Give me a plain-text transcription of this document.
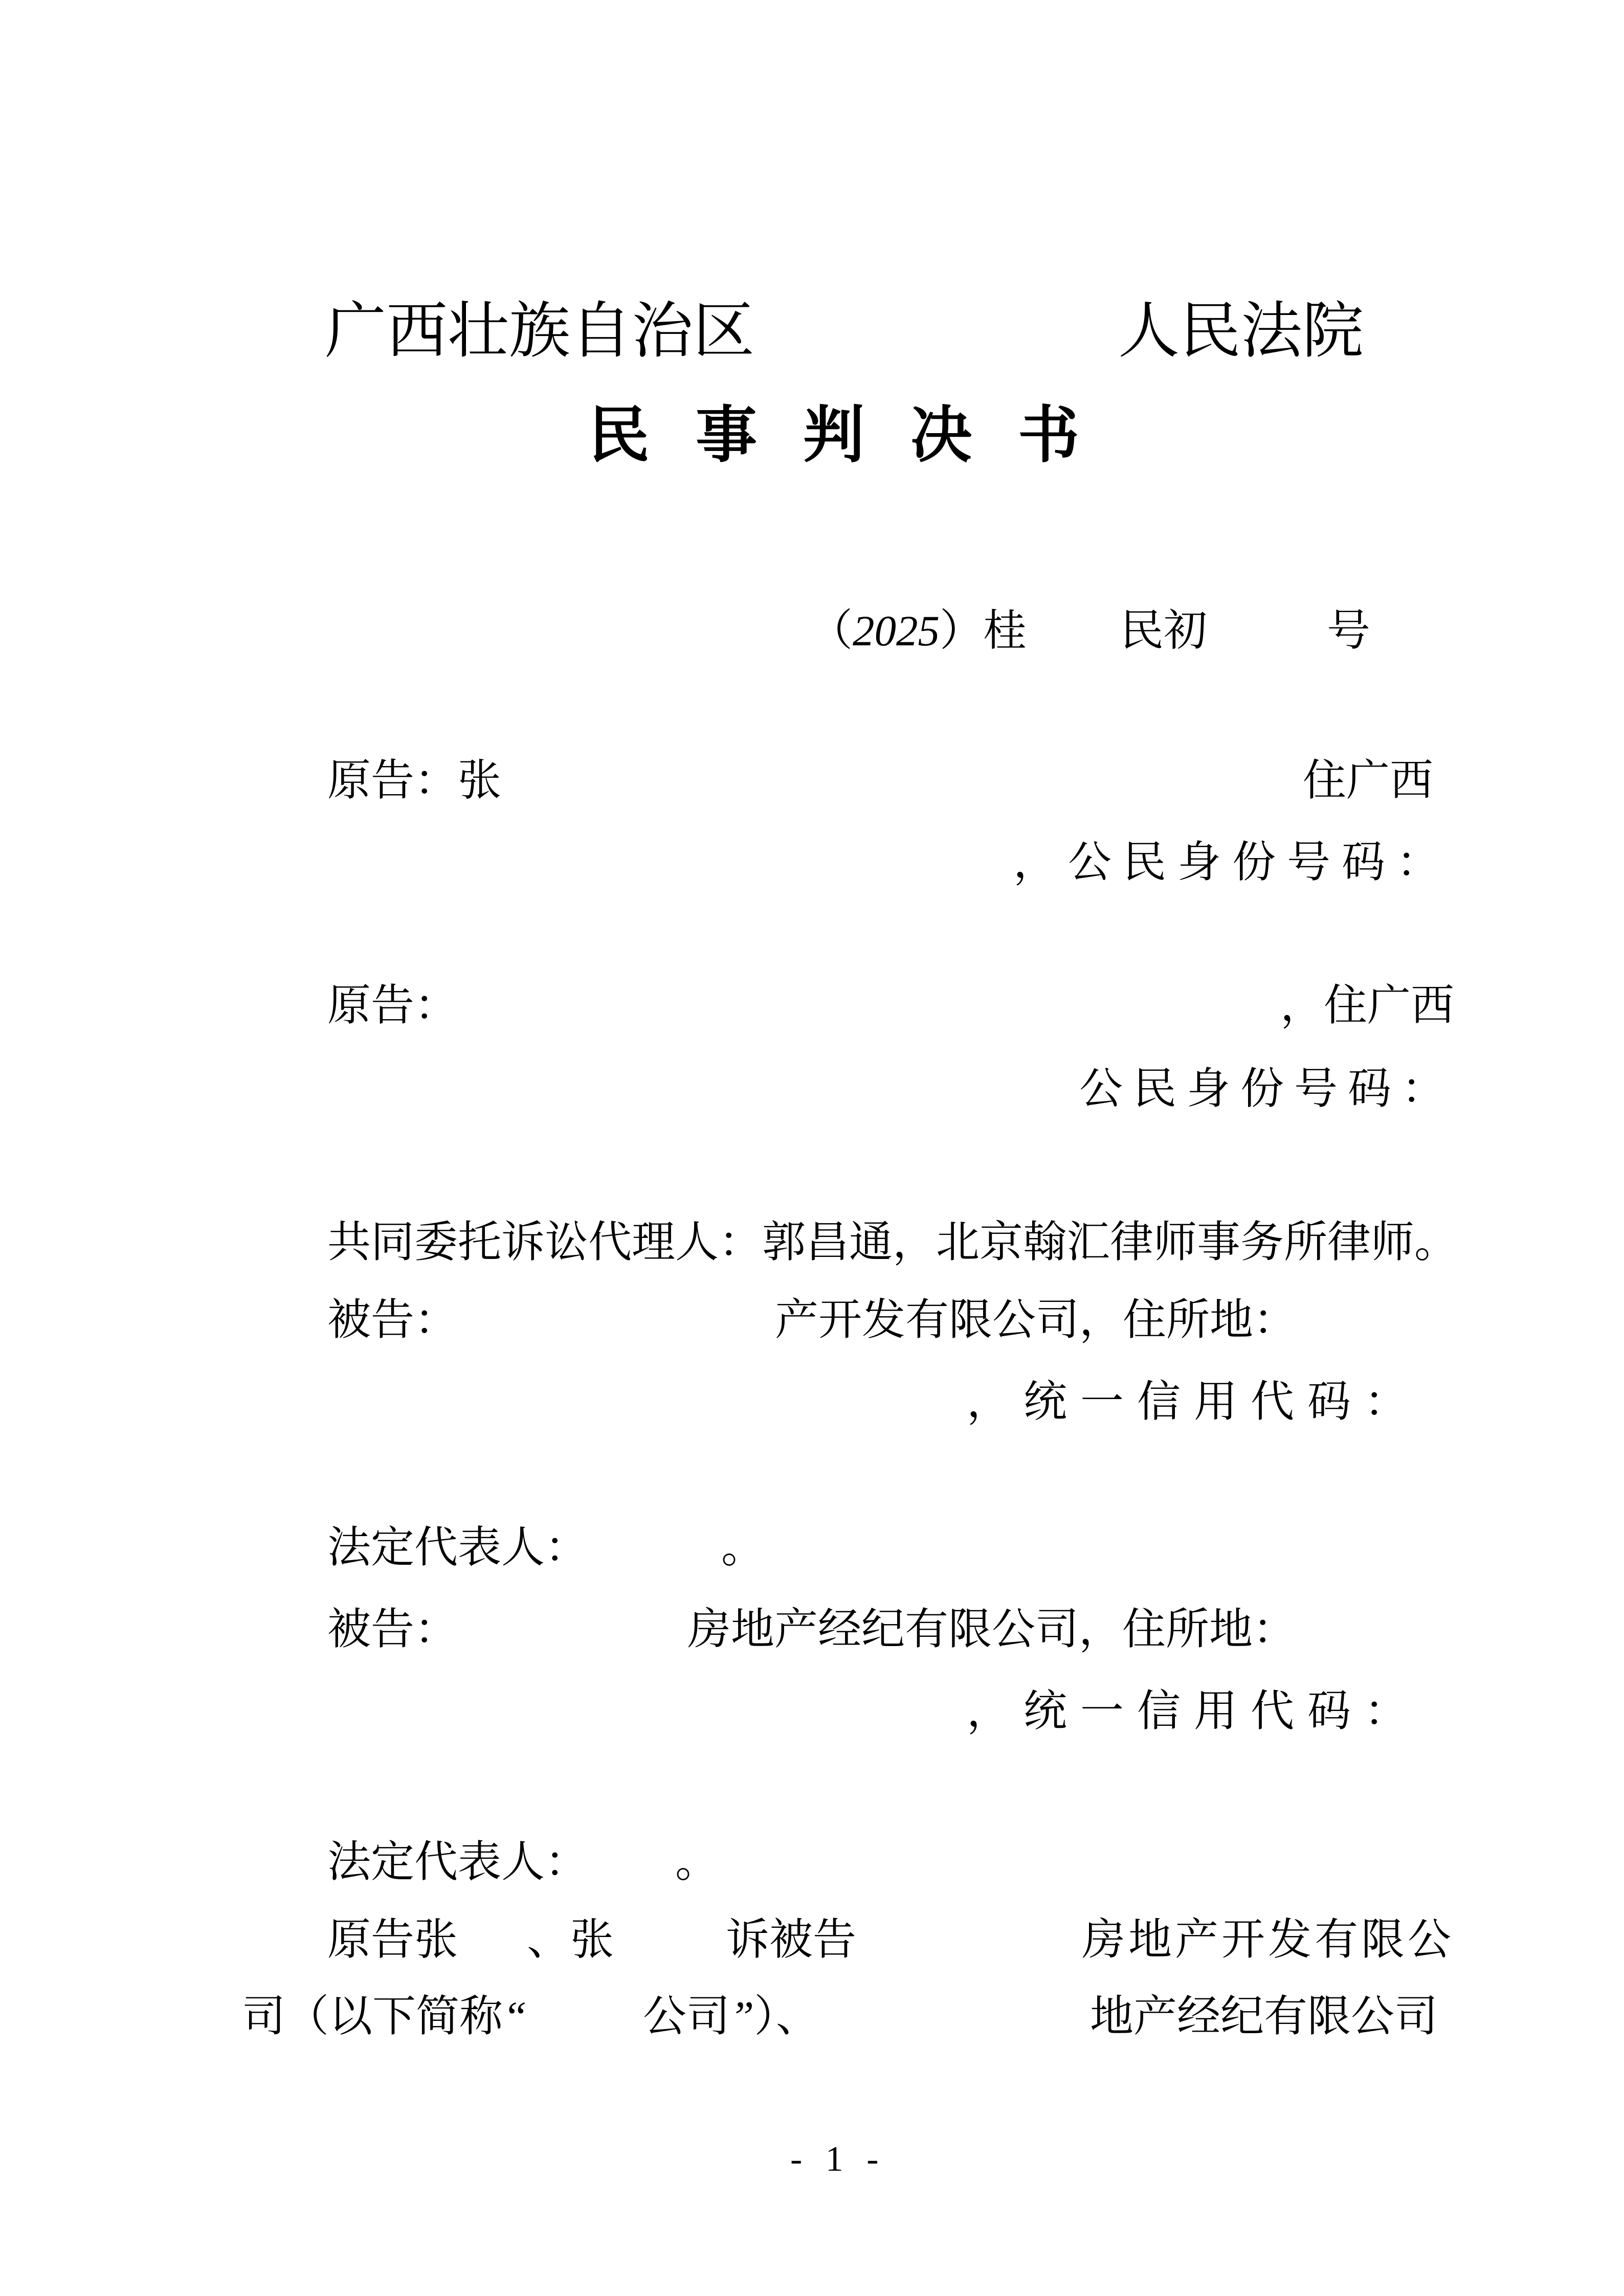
广西壮族自治区	人民法院
民事判决书
（2025）桂 民初	号
原告：张	住广西
，公民身份号码：
原告：	，住广西
公民身份号码：
共同委托诉讼代理人：郭昌通，北京翰汇律师事务所律师。
被告：	产开发有限公司，住所地：
，统一信用代码：
法定代表人：	。
被告：	房地产经纪有限公司，住所地：
，统一信用代码：
法定代表人： 。
原告张 、张	诉被告	房地产开发有限公
司（以下简称“	公司”）、	地产经纪有限公司
- 1 -
